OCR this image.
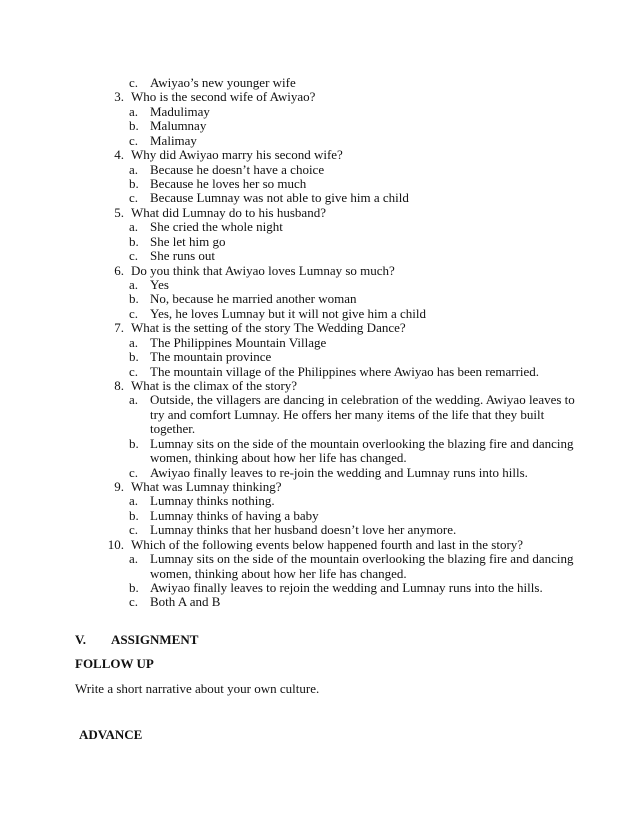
c. Awiyao’s new younger wife
3. Who is the second wife of Awiyao?
a. Madulimay
b. Malumnay
c. Malimay
4. Why did Awiyao marry his second wife?
a. Because he doesn’t have a choice
b. Because he loves her so much
c. Because Lumnay was not able to give him a child
5. What did Lumnay do to his husband?
a. She cried the whole night
b. She let him go
c. She runs out
6. Do you think that Awiyao loves Lumnay so much?
a. Yes
b. No, because he married another woman
c. Yes, he loves Lumnay but it will not give him a child
7. What is the setting of the story The Wedding Dance?
a. The Philippines Mountain Village
b. The mountain province
c. The mountain village of the Philippines where Awiyao has been remarried.
8. What is the climax of the story?
a. Outside, the villagers are dancing in celebration of the wedding. Awiyao leaves to
try and comfort Lumnay. He offers her many items of the life that they built
together.
b. Lumnay sits on the side of the mountain overlooking the blazing fire and dancing
women, thinking about how her life has changed.
c. Awiyao finally leaves to re-join the wedding and Lumnay runs into hills.
9. What was Lumnay thinking?
a. Lumnay thinks nothing.
b. Lumnay thinks of having a baby
c. Lumnay thinks that her husband doesn’t love her anymore.
10. Which of the following events below happened fourth and last in the story?
a. Lumnay sits on the side of the mountain overlooking the blazing fire and dancing
women, thinking about how her life has changed.
b. Awiyao finally leaves to rejoin the wedding and Lumnay runs into the hills.
c. Both A and B
V. ASSIGNMENT
FOLLOW UP
Write a short narrative about your own culture.
ADVANCE
